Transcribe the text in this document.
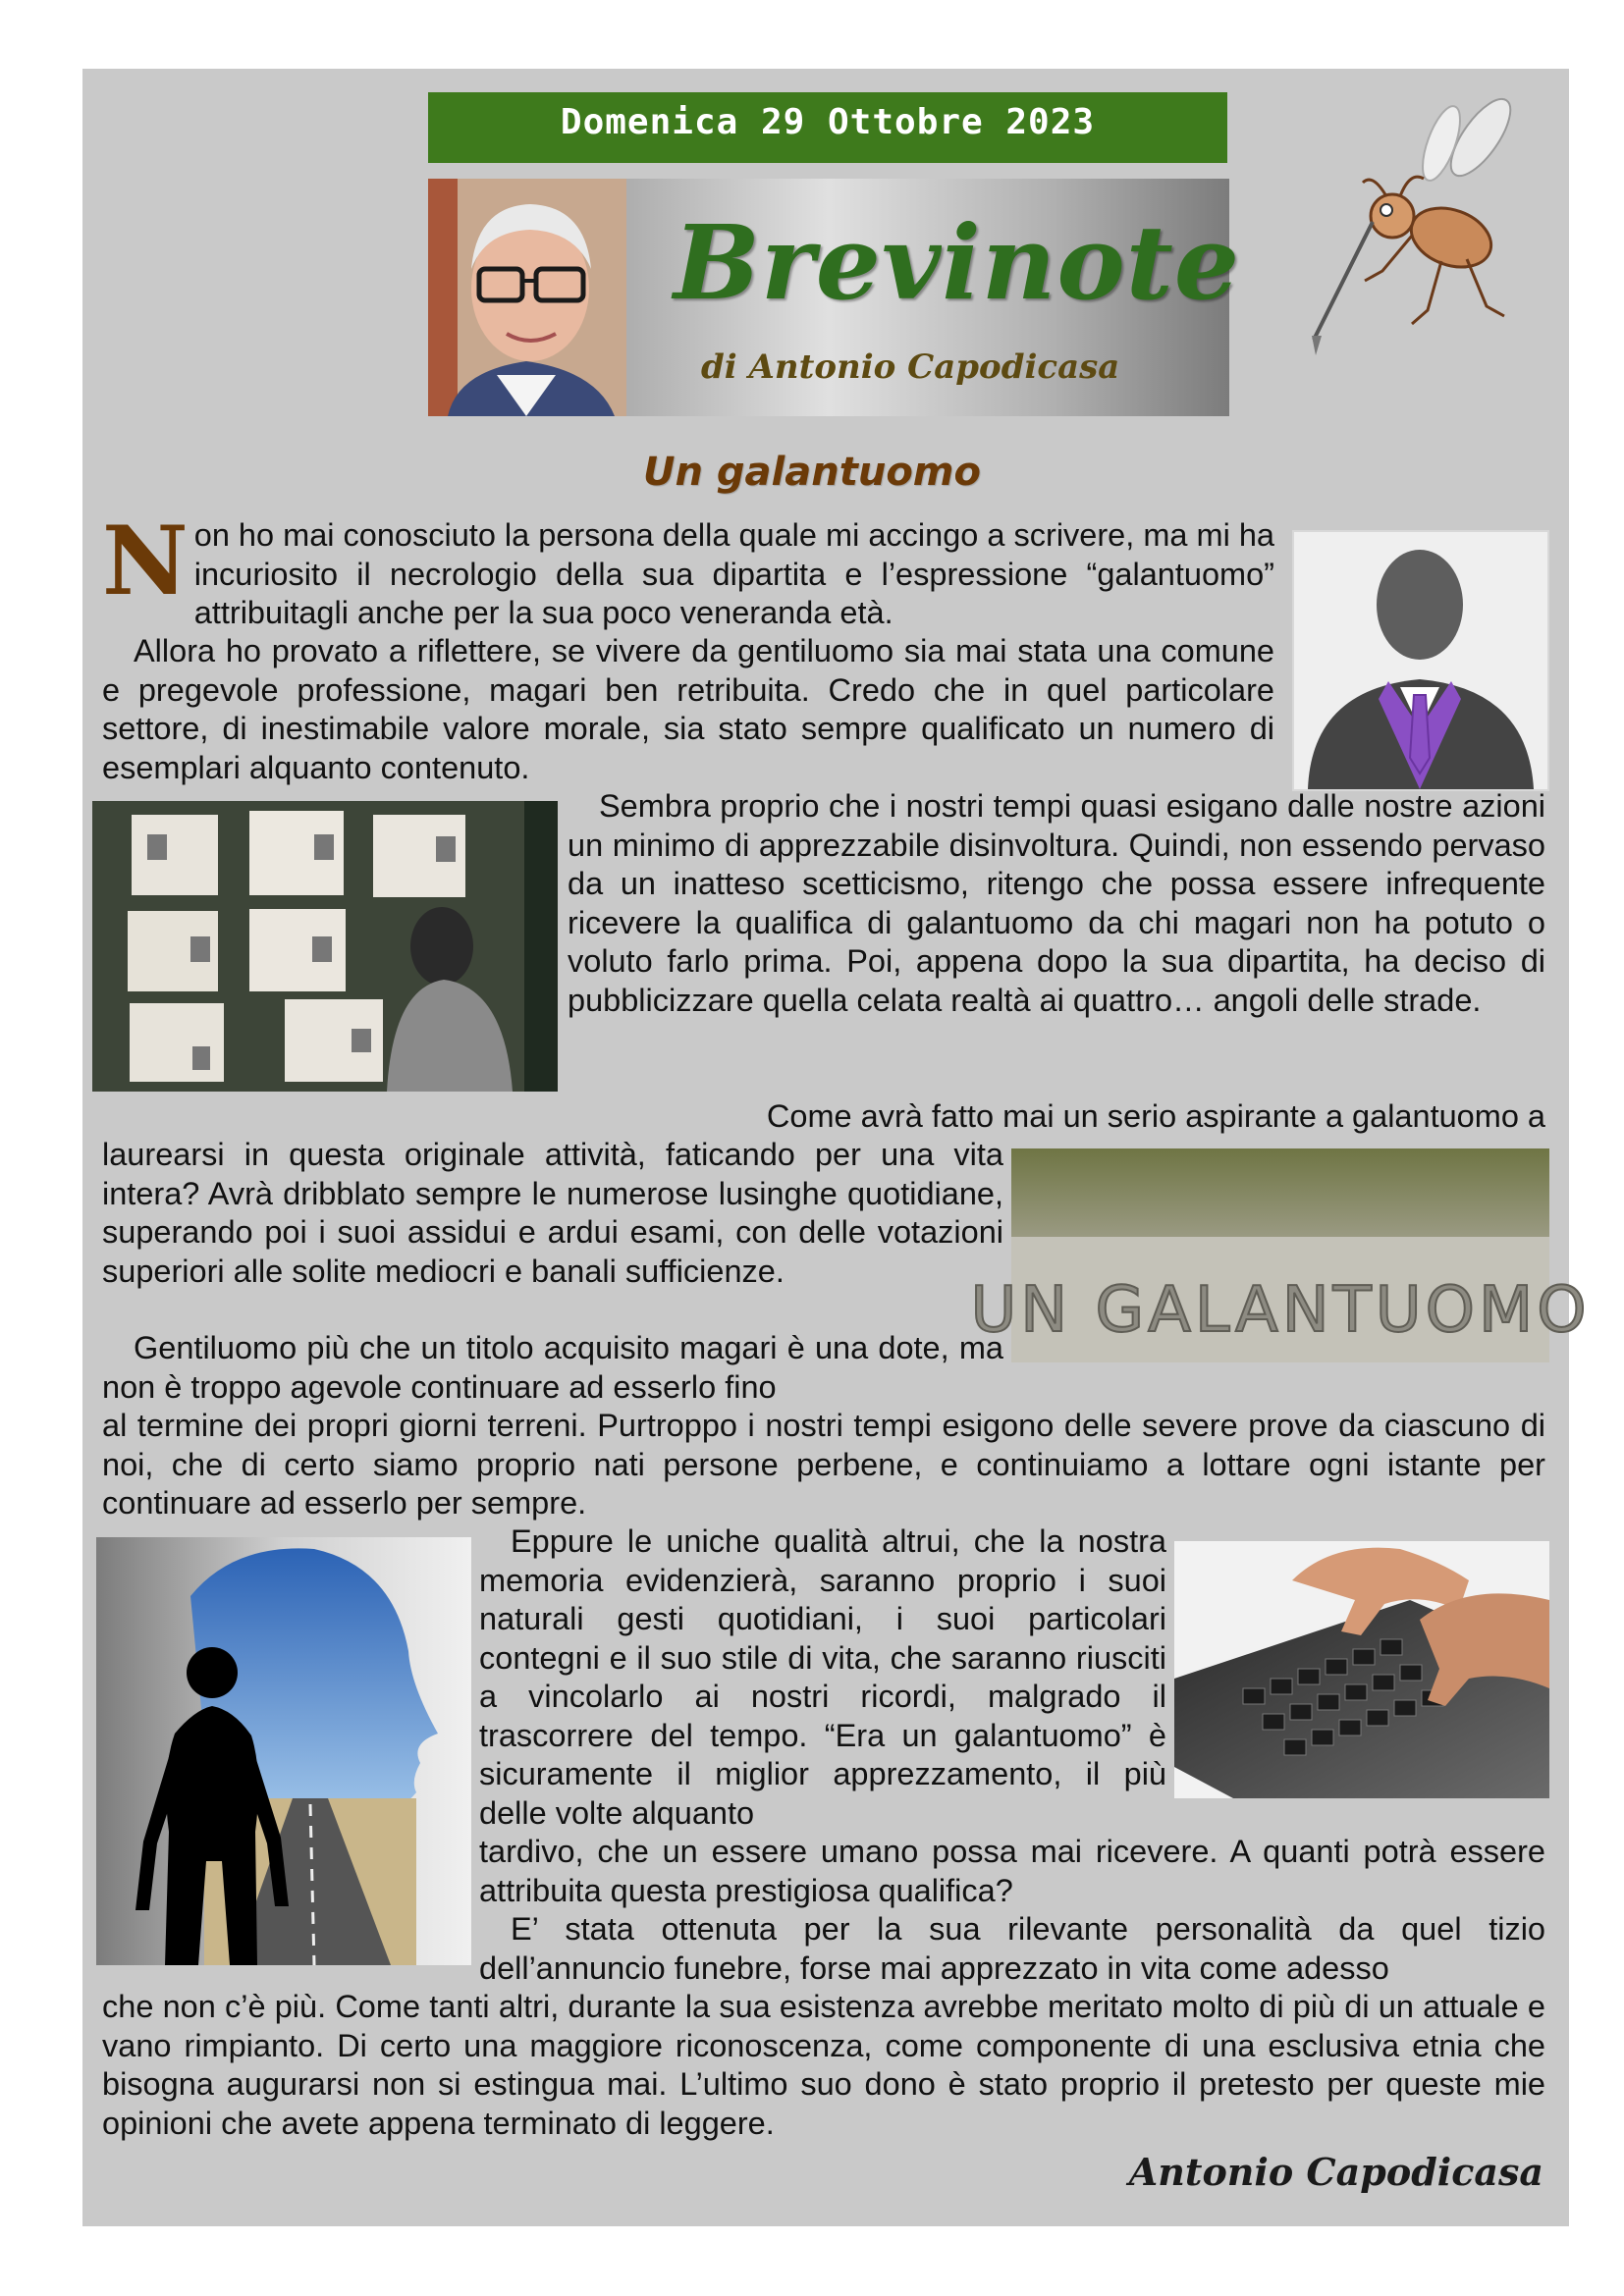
Domenica 29 Ottobre 2023
Brevinote
di Antonio Capodicasa
Un galantuomo

Non ho mai conosciuto la persona della quale mi accingo a scrivere, ma mi ha incuriosito il necrologio della sua dipartita e l’espressione “galantuomo” attribuitagli anche per la sua poco veneranda età.

Allora ho provato a riflettere, se vivere da gentiluomo sia mai stata una comune e pregevole professione, magari ben retribuita. Credo che in quel particolare settore, di inestimabile valore morale, sia stato sempre qualificato un numero di esemplari alquanto contenuto.

Sembra proprio che i nostri tempi quasi esigano dalle nostre azioni un minimo di apprezzabile disinvoltura. Quindi, non essendo pervaso da un inatteso scetticismo, ritengo che possa essere infrequente ricevere la qualifica di galantuomo da chi magari non ha potuto o voluto farlo prima. Poi, appena dopo la sua dipartita, ha deciso di pubblicizzare quella celata realtà ai quattro… angoli delle strade.

Come avrà fatto mai un serio aspirante a galantuomo a

laurearsi in questa originale attività, faticando per una vita intera? Avrà dribblato sempre le numerose lusinghe quotidiane, superando poi i suoi assidui e ardui esami, con delle votazioni superiori alle solite mediocri e banali sufficienze.

UN GALANTUOMO

Gentiluomo più che un titolo acquisito magari è una dote, ma non è troppo agevole continuare ad esserlo fino

al termine dei propri giorni terreni. Purtroppo i nostri tempi esigono delle severe prove da ciascuno di noi, che di certo siamo proprio nati persone perbene, e continuiamo a lottare ogni istante per continuare ad esserlo per sempre.

Eppure le uniche qualità altrui, che la nostra memoria evidenzierà, saranno proprio i suoi naturali gesti quotidiani, i suoi particolari contegni e il suo stile di vita, che saranno riusciti a vincolarlo ai nostri ricordi, malgrado il trascorrere del tempo. “Era un galantuomo” è sicuramente il miglior apprezzamento, il più delle volte alquanto

tardivo, che un essere umano possa mai ricevere. A quanti potrà essere attribuita questa prestigiosa qualifica?

E’ stata ottenuta per la sua rilevante personalità da quel tizio dell’annuncio funebre, forse mai apprezzato in vita come adesso

che non c’è più. Come tanti altri, durante la sua esistenza avrebbe meritato molto di più di un attuale e vano rimpianto. Di certo una maggiore riconoscenza, come componente di una esclusiva etnia che bisogna augurarsi non si estingua mai. L’ultimo suo dono è stato proprio il pretesto per queste mie opinioni che avete appena terminato di leggere.

Antonio Capodicasa
